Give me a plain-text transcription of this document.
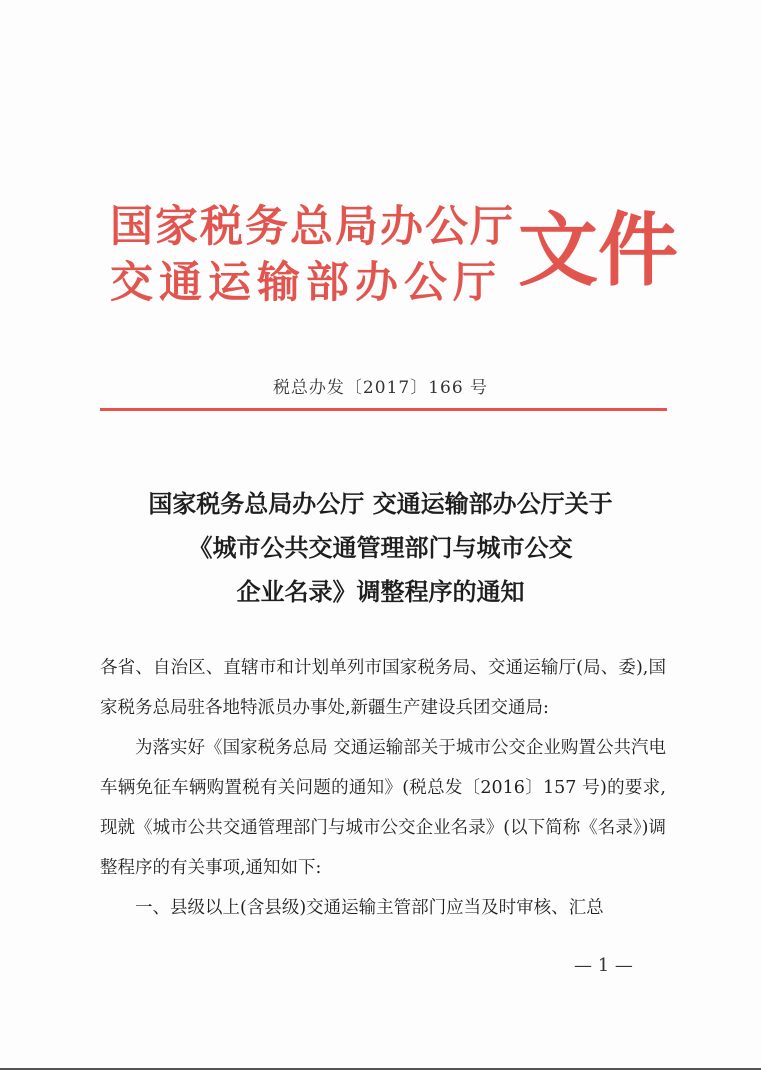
国家税务总局办公厅
交通运输部办公厅 文件
税总办发〔2017〕166 号
国家税务总局办公厅 交通运输部办公厅关于
《城市公共交通管理部门与城市公交
企业名录》调整程序的通知
各省、自治区、直辖市和计划单列市国家税务局、交通运输厅(局、委),国家税务总局驻各地特派员办事处,新疆生产建设兵团交通局:
为落实好《国家税务总局 交通运输部关于城市公交企业购置公共汽电车辆免征车辆购置税有关问题的通知》(税总发〔2016〕157 号)的要求,现就《城市公共交通管理部门与城市公交企业名录》(以下简称《名录》)调整程序的有关事项,通知如下:
一、县级以上(含县级)交通运输主管部门应当及时审核、汇总
— 1 —
